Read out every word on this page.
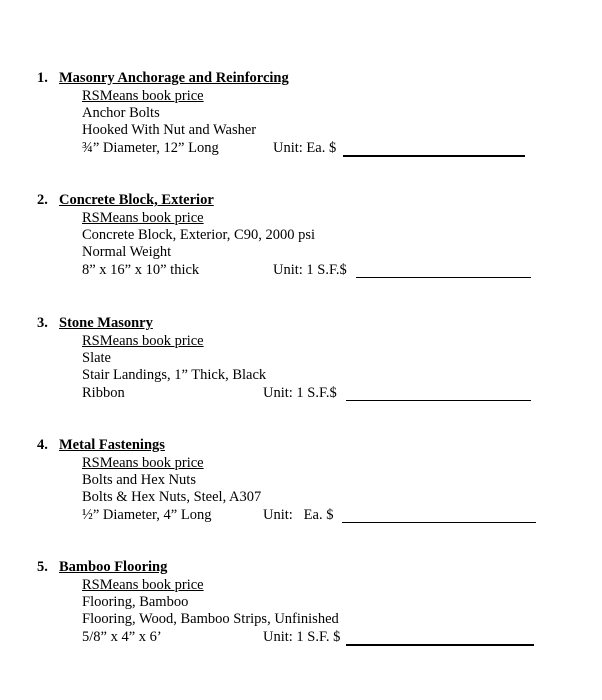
1. Masonry Anchorage and Reinforcing
RSMeans book price
Anchor Bolts
Hooked With Nut and Washer
¾” Diameter, 12” Long	Unit: Ea. $
2. Concrete Block, Exterior
RSMeans book price
Concrete Block, Exterior, C90, 2000 psi
Normal Weight
8” x 16” x 10” thick	Unit: 1 S.F.$
3. Stone Masonry
RSMeans book price
Slate
Stair Landings, 1” Thick, Black
Ribbon	Unit: 1 S.F.$
4. Metal Fastenings
RSMeans book price
Bolts and Hex Nuts
Bolts & Hex Nuts, Steel, A307
½” Diameter, 4” Long	Unit:   Ea. $
5. Bamboo Flooring
RSMeans book price
Flooring, Bamboo
Flooring, Wood, Bamboo Strips, Unfinished
5/8” x 4” x 6’	Unit: 1 S.F. $
